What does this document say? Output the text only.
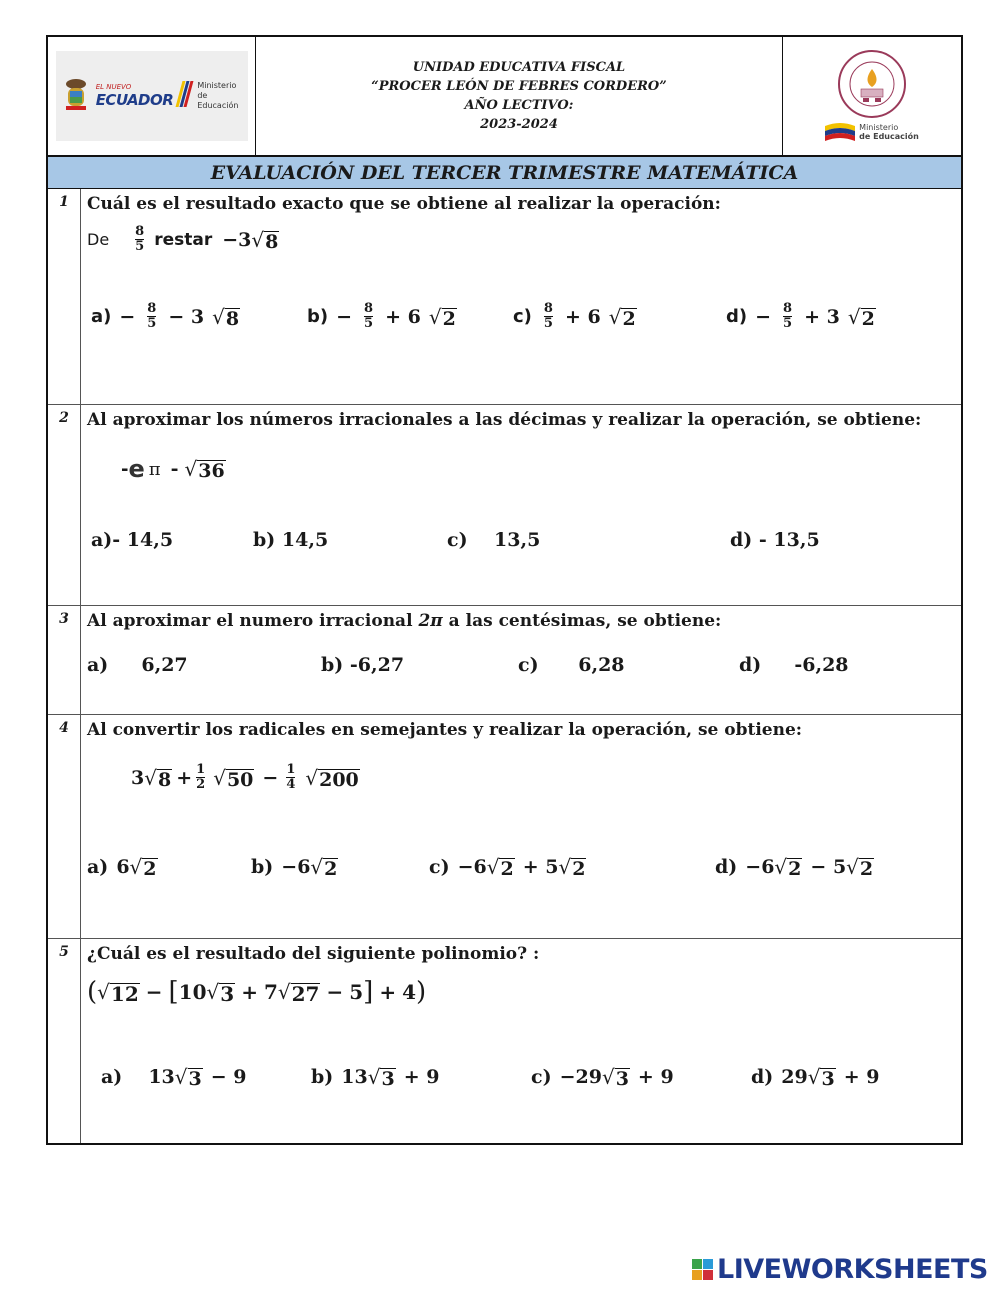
EL NUEVO
ECUADOR
Ministerio de Educación
UNIDAD EDUCATIVA FISCAL
“PROCER LEÓN DE FEBRES CORDERO”
AÑO LECTIVO:
2023-2024	Ministerio
de Educación
EVALUACIÓN DEL TERCER TRIMESTRE MATEMÁTICA
1	Cuál es el resultado exacto que se obtiene al realizar la operación:
De $\frac{8}{5}$ restar −3 √ 8
$a) - \frac{8}{5} - 3$ √ 8	$b) - \frac{8}{5} + 6$ √ 2	$c) \frac{8}{5} + 6$ √ 2	$d) - \frac{8}{5} + 3$ √ 2
2	Al aproximar los números irracionales a las décimas y realizar la operación, se obtiene:
- e π - √ 36
a)- 14,5	b) 14,5	c)    13,5	d) - 13,5
3	Al aproximar el numero irracional 2π a las centésimas, se obtiene:
a)     6,27	b) -6,27	c)      6,28	d)     -6,28
4	Al convertir los radicales en semejantes y realizar la operación, se obtiene:
3 √ $8 + \frac{1}{2}$ √ $50 - \frac{1}{4}$ √ 200
a) 6 √ 2	b) −6 √ 2	c) −6 √ 2 + 5 √ 2	d) −6 √ 2 − 5 √ 2
5	¿Cuál es el resultado del siguiente polinomio? :
( √ 12 − [ 10 √ 3 + 7 √ 27 − 5 ] + 4 )
a) 13 √ 3 − 9	b) 13 √ 3 + 9	c) −29 √ 3 + 9	d) 29 √ 3 + 9
LIVEWORKSHEETS
